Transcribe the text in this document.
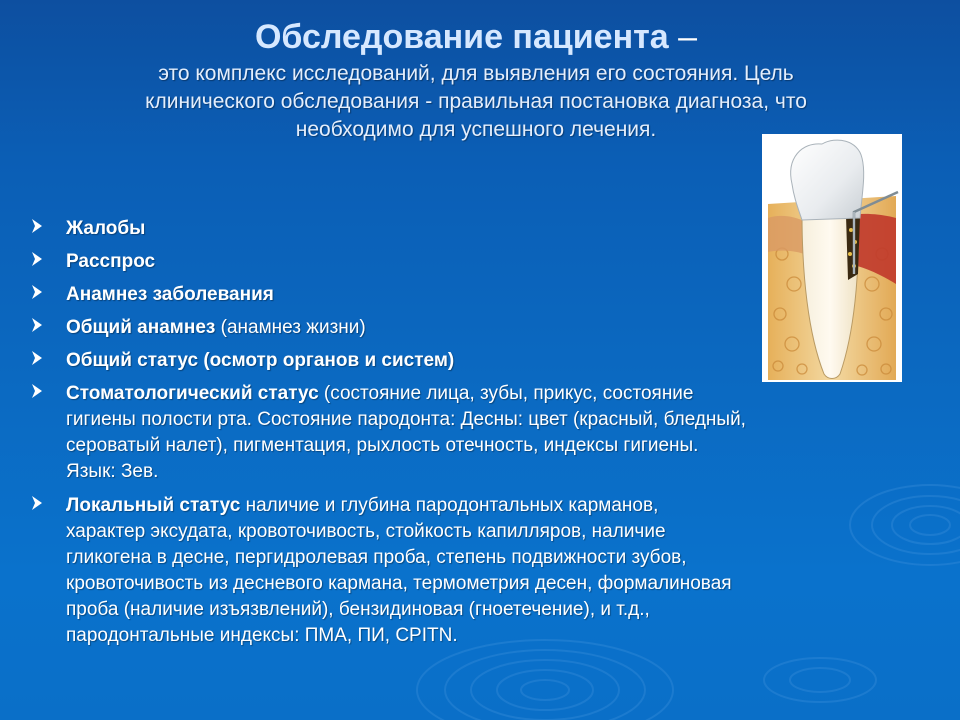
Обследование пациента –

это комплекс исследований, для выявления его состояния. Цель

клинического обследования - правильная постановка диагноза, что

необходимо для успешного лечения.

Жалобы
Расспрос
Анамнез заболевания
Общий анамнез (анамнез жизни)
Общий статус (осмотр органов и систем)
Стоматологический статус (состояние лица, зубы, прикус, состояние
гигиены полости рта. Состояние пародонта: Десны: цвет (красный, бледный,
сероватый налет), пигментация, рыхлость отечность, индексы гигиены.
Язык: Зев.
Локальный статус наличие и глубина пародонтальных карманов,
характер эксудата, кровоточивость, стойкость капилляров, наличие
гликогена в десне, пергидролевая проба, степень подвижности зубов,
кровоточивость из десневого кармана, термометрия десен, формалиновая
проба (наличие изъязвлений), бензидиновая (гноетечение), и т.д.,
пародонтальные индексы: ПМА, ПИ, CPITN.
